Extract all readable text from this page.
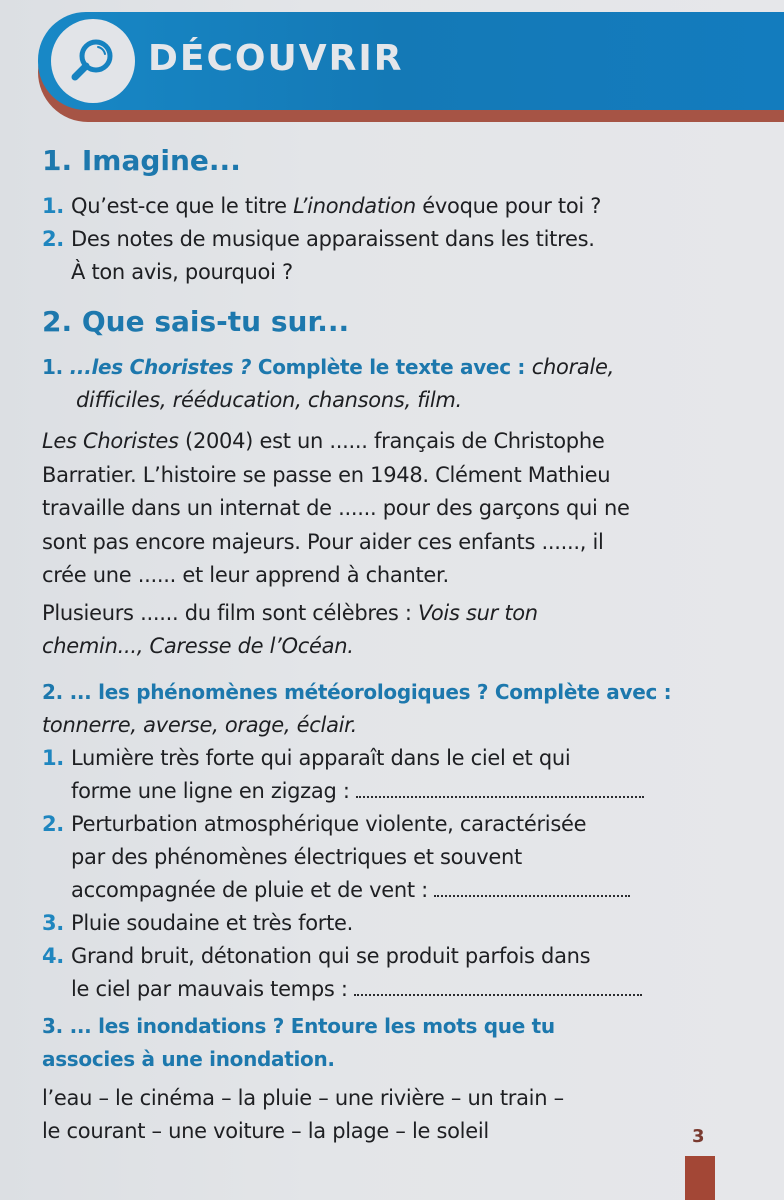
DÉCOUVRIR
1. Imagine...
1. Qu’est-ce que le titre L’inondation évoque pour toi ?
2. Des notes de musique apparaissent dans les titres.
À ton avis, pourquoi ?
2. Que sais-tu sur...
1. ...les Choristes ? Complète le texte avec : chorale,
difficiles, rééducation, chansons, film.

Les Choristes (2004) est un ...... français de Christophe
Barratier. L’histoire se passe en 1948. Clément Mathieu
travaille dans un internat de ...... pour des garçons qui ne
sont pas encore majeurs. Pour aider ces enfants ......, il
crée une ...... et leur apprend à chanter.

Plusieurs ...... du film sont célèbres : Vois sur ton
chemin..., Caresse de l’Océan.

2. ... les phénomènes météorologiques ? Complète avec :
tonnerre, averse, orage, éclair.
1. Lumière très forte qui apparaît dans le ciel et qui
forme une ligne en zigzag :
2. Perturbation atmosphérique violente, caractérisée
par des phénomènes électriques et souvent
accompagnée de pluie et de vent :
3. Pluie soudaine et très forte.
4. Grand bruit, détonation qui se produit parfois dans
le ciel par mauvais temps :
3. ... les inondations ? Entoure les mots que tu
associes à une inondation.
l’eau – le cinéma – la pluie – une rivière – un train –
le courant – une voiture – la plage – le soleil	3
